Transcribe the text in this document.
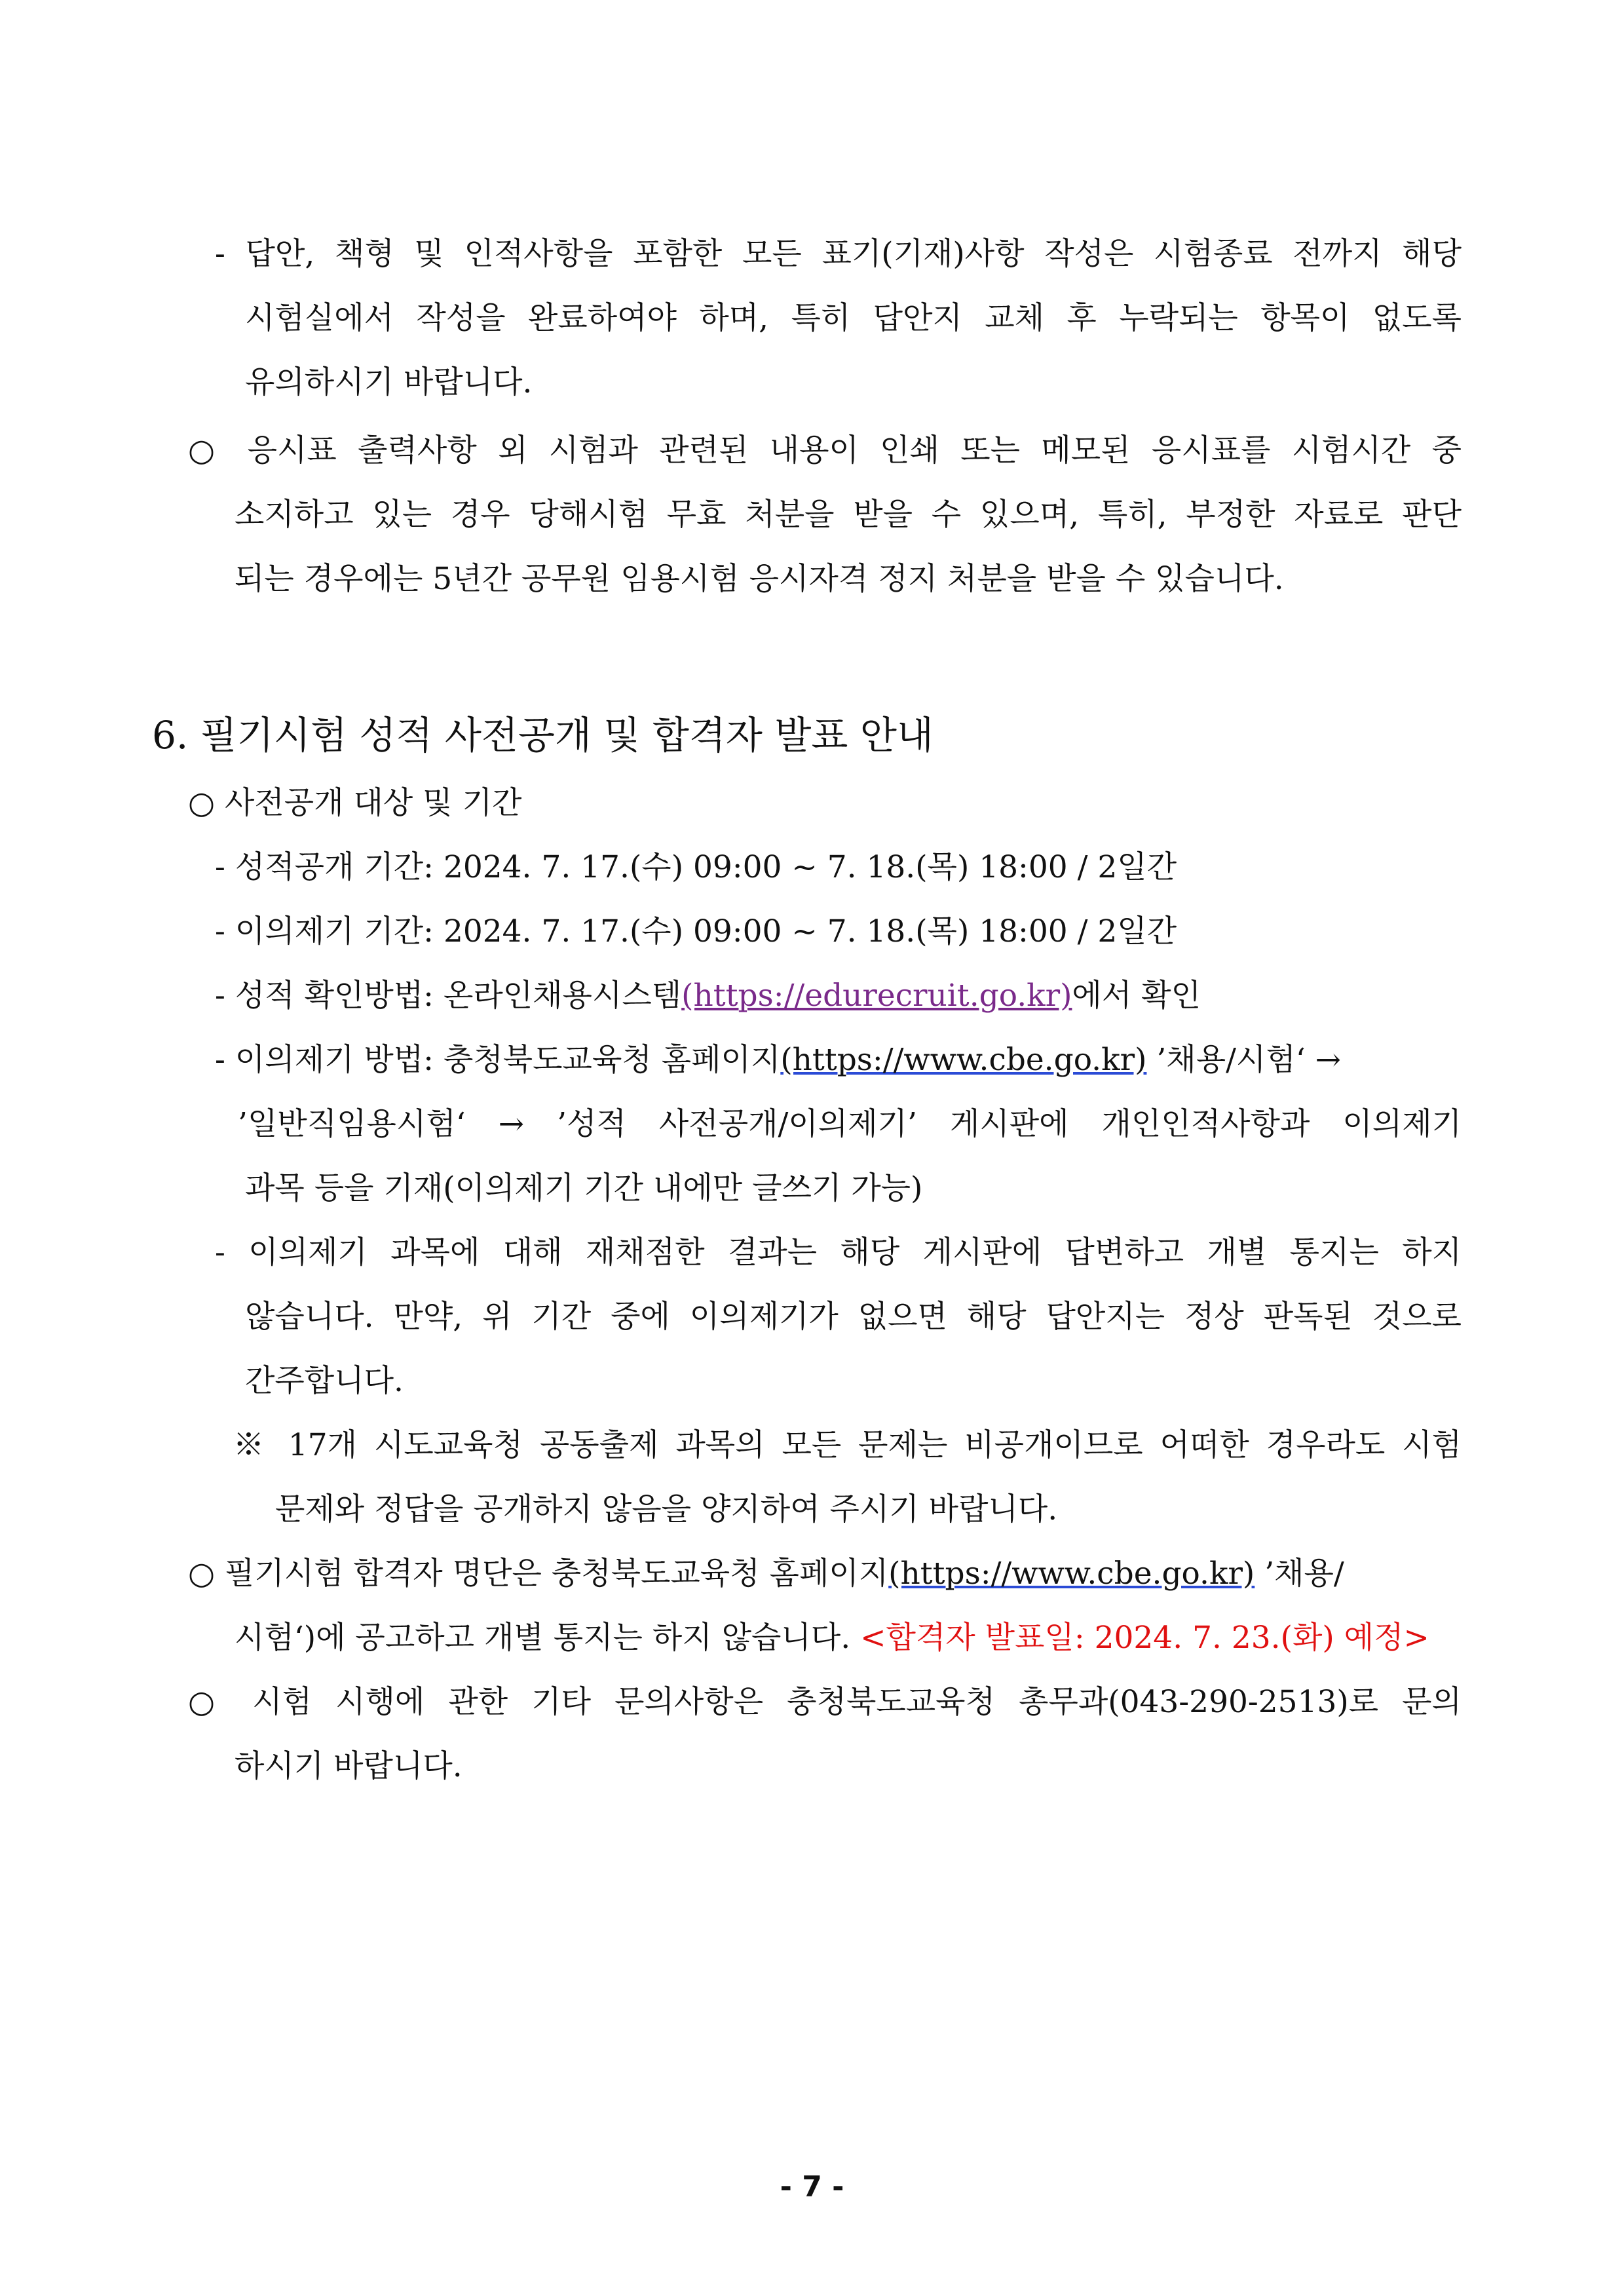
- 답안, 책형 및 인적사항을 포함한 모든 표기(기재)사항 작성은 시험종료 전까지 해당
시험실에서 작성을 완료하여야 하며, 특히 답안지 교체 후 누락되는 항목이 없도록
유의하시기 바랍니다.
○ 응시표 출력사항 외 시험과 관련된 내용이 인쇄 또는 메모된 응시표를 시험시간 중
소지하고 있는 경우 당해시험 무효 처분을 받을 수 있으며, 특히, 부정한 자료로 판단
되는 경우에는 5년간 공무원 임용시험 응시자격 정지 처분을 받을 수 있습니다.
6. 필기시험 성적 사전공개 및 합격자 발표 안내
○ 사전공개 대상 및 기간
- 성적공개 기간: 2024. 7. 17.(수) 09:00 ~ 7. 18.(목) 18:00 / 2일간
- 이의제기 기간: 2024. 7. 17.(수) 09:00 ~ 7. 18.(목) 18:00 / 2일간
- 성적 확인방법: 온라인채용시스템(https://edurecruit.go.kr)에서 확인
- 이의제기 방법: 충청북도교육청 홈페이지(https://www.cbe.go.kr) ’채용/시험‘ →
’일반직임용시험‘ → ’성적 사전공개/이의제기’ 게시판에 개인인적사항과 이의제기
과목 등을 기재(이의제기 기간 내에만 글쓰기 가능)
- 이의제기 과목에 대해 재채점한 결과는 해당 게시판에 답변하고 개별 통지는 하지
않습니다. 만약, 위 기간 중에 이의제기가 없으면 해당 답안지는 정상 판독된 것으로
간주합니다.
※ 17개 시도교육청 공동출제 과목의 모든 문제는 비공개이므로 어떠한 경우라도 시험
문제와 정답을 공개하지 않음을 양지하여 주시기 바랍니다.
○ 필기시험 합격자 명단은 충청북도교육청 홈페이지(https://www.cbe.go.kr) ’채용/
시험‘)에 공고하고 개별 통지는 하지 않습니다. <합격자 발표일: 2024. 7. 23.(화) 예정>
○ 시험 시행에 관한 기타 문의사항은 충청북도교육청 총무과(043-290-2513)로 문의
하시기 바랍니다.
- 7 -
